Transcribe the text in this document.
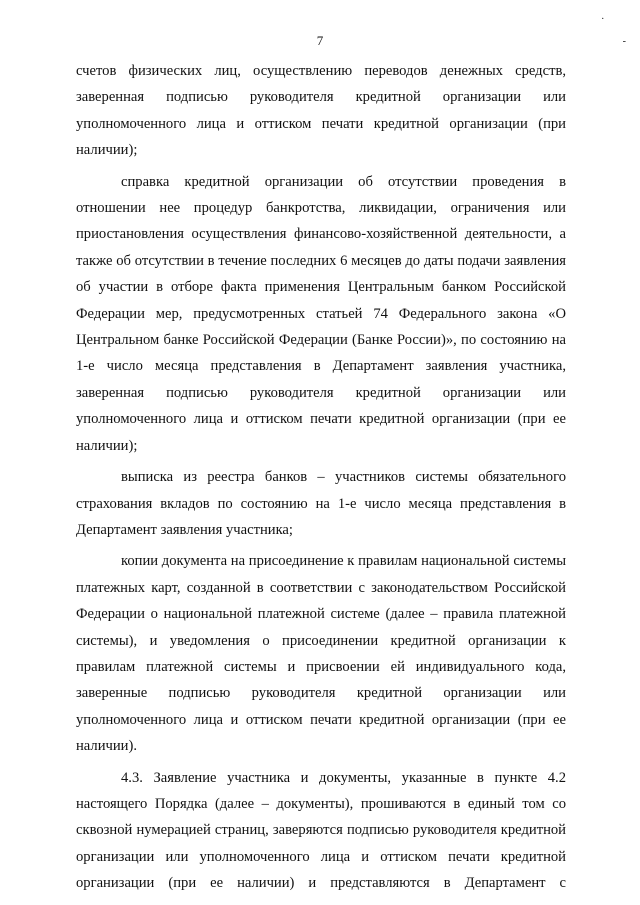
.
-
7

счетов физических лиц, осуществлению переводов денежных средств, заверенная подписью руководителя кредитной организации или уполномоченного лица и оттиском печати кредитной организации (при наличии);

справка кредитной организации об отсутствии проведения в отношении нее процедур банкротства, ликвидации, ограничения или приостановления осуществления финансово-хозяйственной деятельности, а также об отсутствии в течение последних 6 месяцев до даты подачи заявления об участии в отборе факта применения Центральным банком Российской Федерации мер, предусмотренных статьей 74 Федерального закона «О Центральном банке Российской Федерации (Банке России)», по состоянию на 1-е число месяца представления в Департамент заявления участника, заверенная подписью руководителя кредитной организации или уполномоченного лица и оттиском печати кредитной организации (при ее наличии);

выписка из реестра банков – участников системы обязательного страхования вкладов по состоянию на 1-е число месяца представления в Департамент заявления участника;

копии документа на присоединение к правилам национальной системы платежных карт, созданной в соответствии с законодательством Российской Федерации о национальной платежной системе (далее – правила платежной системы), и уведомления о присоединении кредитной организации к правилам платежной системы и присвоении ей индивидуального кода, заверенные подписью руководителя кредитной организации или уполномоченного лица и оттиском печати кредитной организации (при ее наличии).

4.3. Заявление участника и документы, указанные в пункте 4.2 настоящего Порядка (далее – документы), прошиваются в единый том со сквозной нумерацией страниц, заверяются подписью руководителя кредитной организации или уполномоченного лица и оттиском печати кредитной организации (при ее наличии) и представляются в Департамент с
